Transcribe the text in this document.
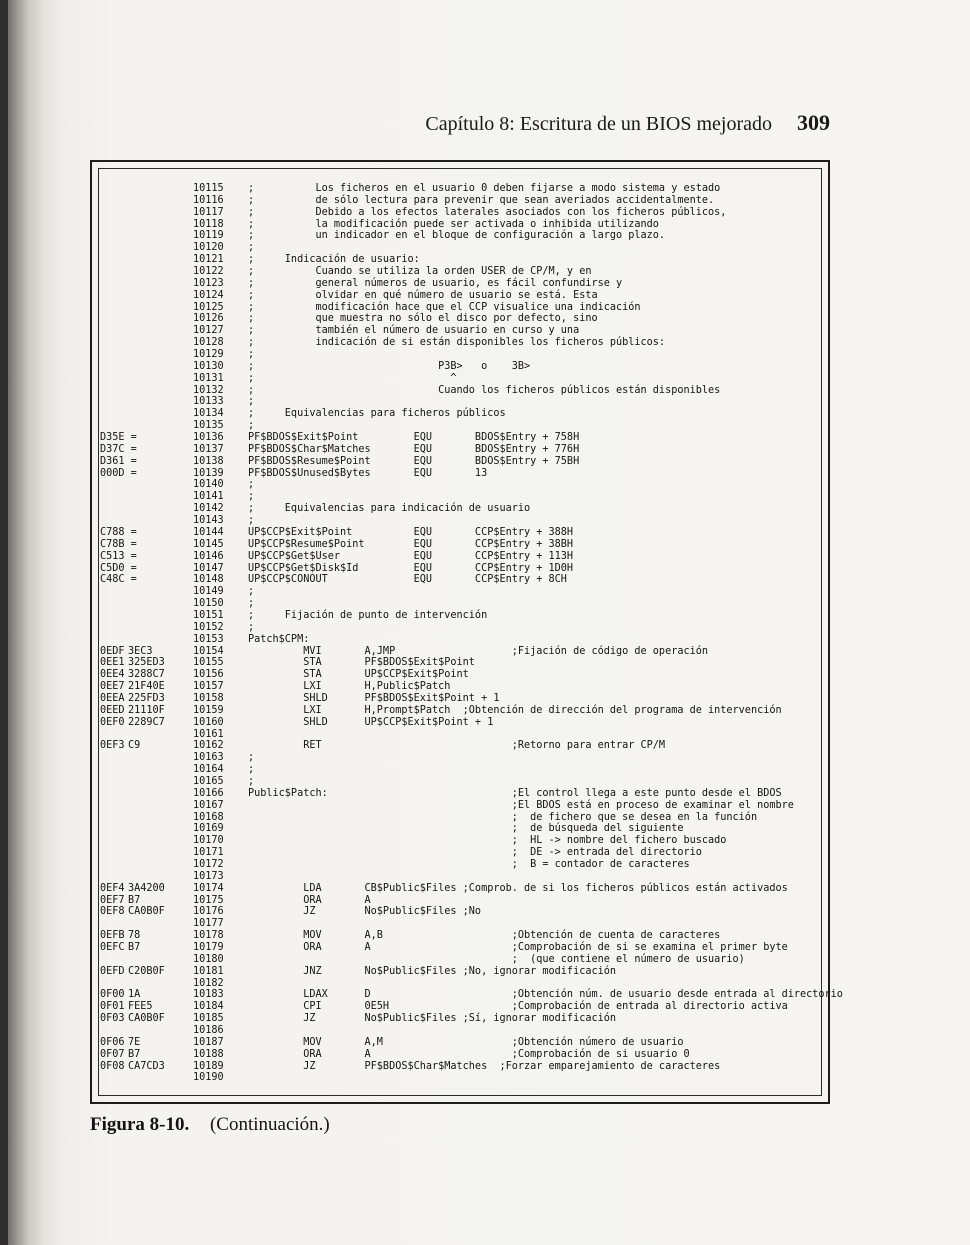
Capítulo 8: Escritura de un BIOS mejorado 309
10115 ;          Los ficheros en el usuario 0 deben fijarse a modo sistema y estado
10116 ;          de sólo lectura para prevenir que sean averiados accidentalmente.
10117 ;          Debido a los efectos laterales asociados con los ficheros públicos,
10118 ;          la modificación puede ser activada o inhibida utilizando
10119 ;          un indicador en el bloque de configuración a largo plazo.
10120 ;
10121 ;     Indicación de usuario:
10122 ;          Cuando se utiliza la orden USER de CP/M, y en
10123 ;          general números de usuario, es fácil confundirse y
10124 ;          olvidar en qué número de usuario se está. Esta
10125 ;          modificación hace que el CCP visualice una indicación
10126 ;          que muestra no sólo el disco por defecto, sino
10127 ;          también el número de usuario en curso y una
10128 ;          indicación de si están disponibles los ficheros públicos:
10129 ;
10130 ;                              P3B>   o    3B>
10131 ;                                ^
10132 ;                              Cuando los ficheros públicos están disponibles
10133 ;
10134 ;     Equivalencias para ficheros públicos
10135 ;
D35E =	10136 PF$BDOS$Exit$Point         EQU       BDOS$Entry + 758H
D37C =	10137 PF$BDOS$Char$Matches       EQU       BDOS$Entry + 776H
D361 =	10138 PF$BDOS$Resume$Point       EQU       BDOS$Entry + 75BH
000D =	10139 PF$BDOS$Unused$Bytes       EQU       13
10140 ;
10141 ;
10142 ;     Equivalencias para indicación de usuario
10143 ;
C788 =	10144 UP$CCP$Exit$Point          EQU       CCP$Entry + 388H
C78B =	10145 UP$CCP$Resume$Point        EQU       CCP$Entry + 38BH
C513 =	10146 UP$CCP$Get$User            EQU       CCP$Entry + 113H
C5D0 =	10147 UP$CCP$Get$Disk$Id         EQU       CCP$Entry + 1D0H
C48C =	10148 UP$CCP$CONOUT              EQU       CCP$Entry + 8CH
10149 ;
10150 ;
10151 ;     Fijación de punto de intervención
10152 ;
10153 Patch$CPM:
0EDF 3EC3	10154 MVI       A,JMP                   ;Fijación de código de operación
0EE1 325ED3	10155 STA       PF$BDOS$Exit$Point
0EE4 3288C7	10156 STA       UP$CCP$Exit$Point
0EE7 21F40E	10157 LXI       H,Public$Patch
0EEA 225FD3	10158 SHLD      PF$BDOS$Exit$Point + 1
0EED 21110F	10159 LXI       H,Prompt$Patch  ;Obtención de dirección del programa de intervención
0EF0 2289C7	10160 SHLD      UP$CCP$Exit$Point + 1
10161
0EF3 C9	10162 RET                               ;Retorno para entrar CP/M
10163 ;
10164 ;
10165 ;
10166 Public$Patch:                              ;El control llega a este punto desde el BDOS
10167 ;El BDOS está en proceso de examinar el nombre
10168 ;  de fichero que se desea en la función
10169 ;  de búsqueda del siguiente
10170 ;  HL -> nombre del fichero buscado
10171 ;  DE -> entrada del directorio
10172 ;  B = contador de caracteres
10173
0EF4 3A4200	10174 LDA       CB$Public$Files ;Comprob. de si los ficheros públicos están activados
0EF7 B7	10175 ORA       A
0EF8 CA0B0F	10176 JZ        No$Public$Files ;No
10177
0EFB 78	10178 MOV       A,B                     ;Obtención de cuenta de caracteres
0EFC B7	10179 ORA       A                       ;Comprobación de si se examina el primer byte
10180 ;  (que contiene el número de usuario)
0EFD C20B0F	10181 JNZ       No$Public$Files ;No, ignorar modificación
10182
0F00 1A	10183 LDAX      D                       ;Obtención núm. de usuario desde entrada al directorio
0F01 FEE5	10184 CPI       0E5H                    ;Comprobación de entrada al directorio activa
0F03 CA0B0F	10185 JZ        No$Public$Files ;Sí, ignorar modificación
10186
0F06 7E	10187 MOV       A,M                     ;Obtención número de usuario
0F07 B7	10188 ORA       A                       ;Comprobación de si usuario 0
0F08 CA7CD3	10189 JZ        PF$BDOS$Char$Matches  ;Forzar emparejamiento de caracteres
10190
Figura 8-10. (Continuación.)
